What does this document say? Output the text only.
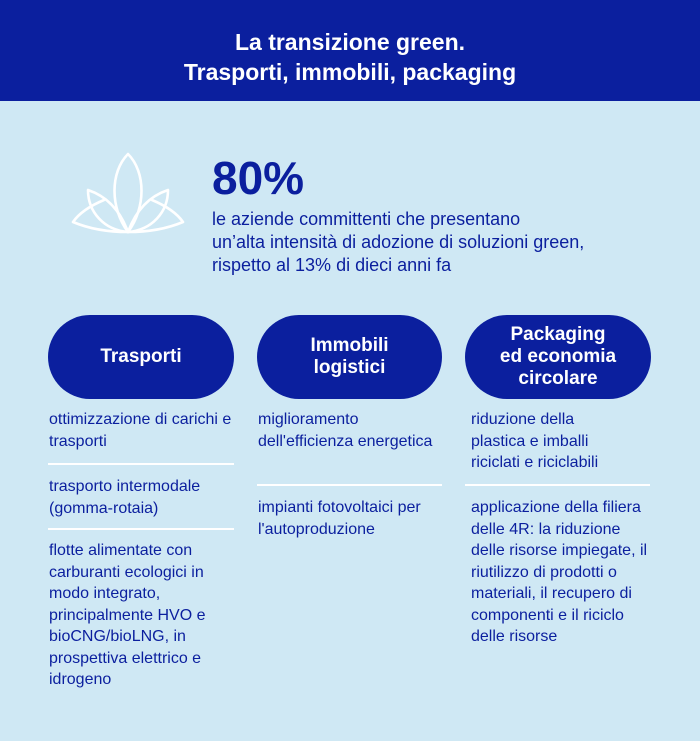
La transizione green.
Trasporti, immobili, packaging
80%
le aziende committenti che presentano
un’alta intensità di adozione di soluzioni green,
rispetto al 13% di dieci anni fa
Trasporti
Immobili
logistici
Packaging
ed economia
circolare
ottimizzazione di carichi e trasporti
trasporto intermodale (gomma-rotaia)
flotte alimentate con carburanti ecologici in modo integrato, principalmente HVO e bioCNG/bioLNG, in prospettiva elettrico e idrogeno
miglioramento dell'efficienza energetica
impianti fotovoltaici per l'autoproduzione
riduzione della plastica e imballi riciclati e riciclabili
applicazione della filiera delle 4R: la riduzione delle risorse impiegate, il riutilizzo di prodotti o materiali, il recupero di componenti e il riciclo delle risorse
